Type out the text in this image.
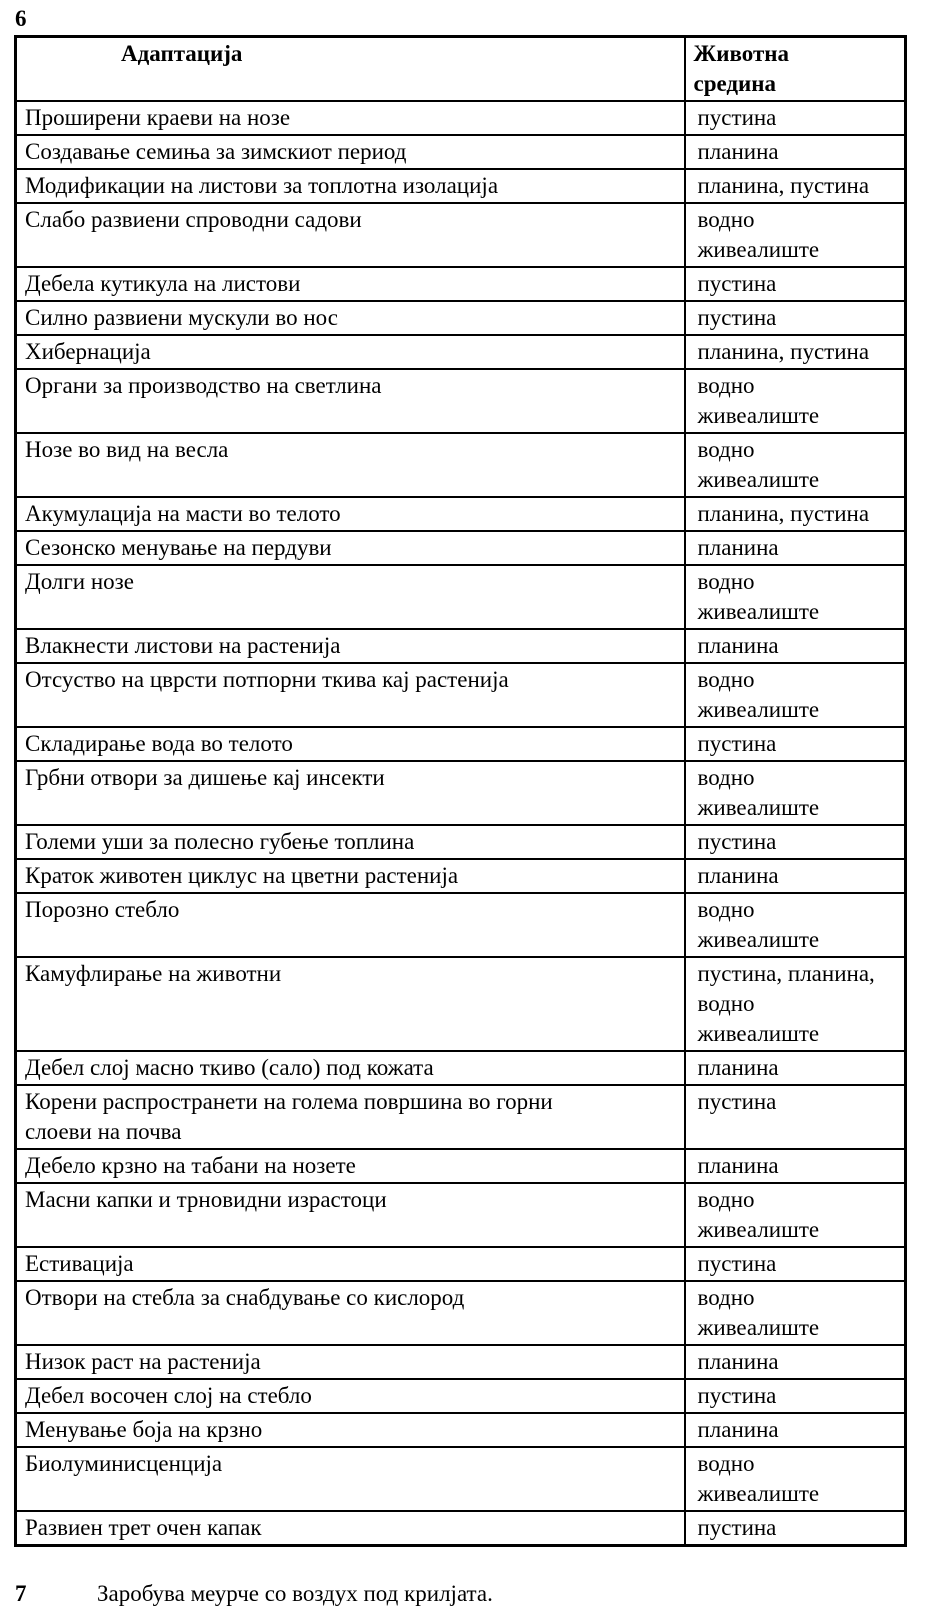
6
Адаптација	Животна
средина

Проширени краеви на нозе	пустина

Создавање семиња за зимскиот период	планина

Модификации на листови за топлотна изолација	планина, пустина

Слабо развиени спроводни садови	водно
живеалиште

Дебела кутикула на листови	пустина

Силно развиени мускули во нос	пустина

Хибернација	планина, пустина

Органи за производство на светлина	водно
живеалиште

Нозе во вид на весла	водно
живеалиште

Акумулација на масти во телото	планина, пустина

Сезонско менување на пердуви	планина

Долги нозе	водно
живеалиште

Влакнести листови на растенија	планина

Отсуство на цврсти потпорни ткива кај растенија	водно
живеалиште

Складирање вода во телото	пустина

Грбни отвори за дишење кај инсекти	водно
живеалиште

Големи уши за полесно губење топлина	пустина

Краток животен циклус на цветни растенија	планина

Порозно стебло	водно
живеалиште

Камуфлирање на животни	пустина, планина,
водно
живеалиште

Дебел слој масно ткиво (сало) под кожата	планина

Корени распространети на голема површина во горни
слоеви на почва	пустина

Дебело крзно на табани на нозете	планина

Масни капки и трновидни израстоци	водно
живеалиште

Естивација	пустина

Отвори на стебла за снабдување со кислород	водно
живеалиште

Низок раст на растенија	планина

Дебел восочен слој на стебло	пустина

Менување боја на крзно	планина

Биолуминисценција	водно
живеалиште

Развиен трет очен капак	пустина
7	Заробува меурче со воздух под крилјата.
